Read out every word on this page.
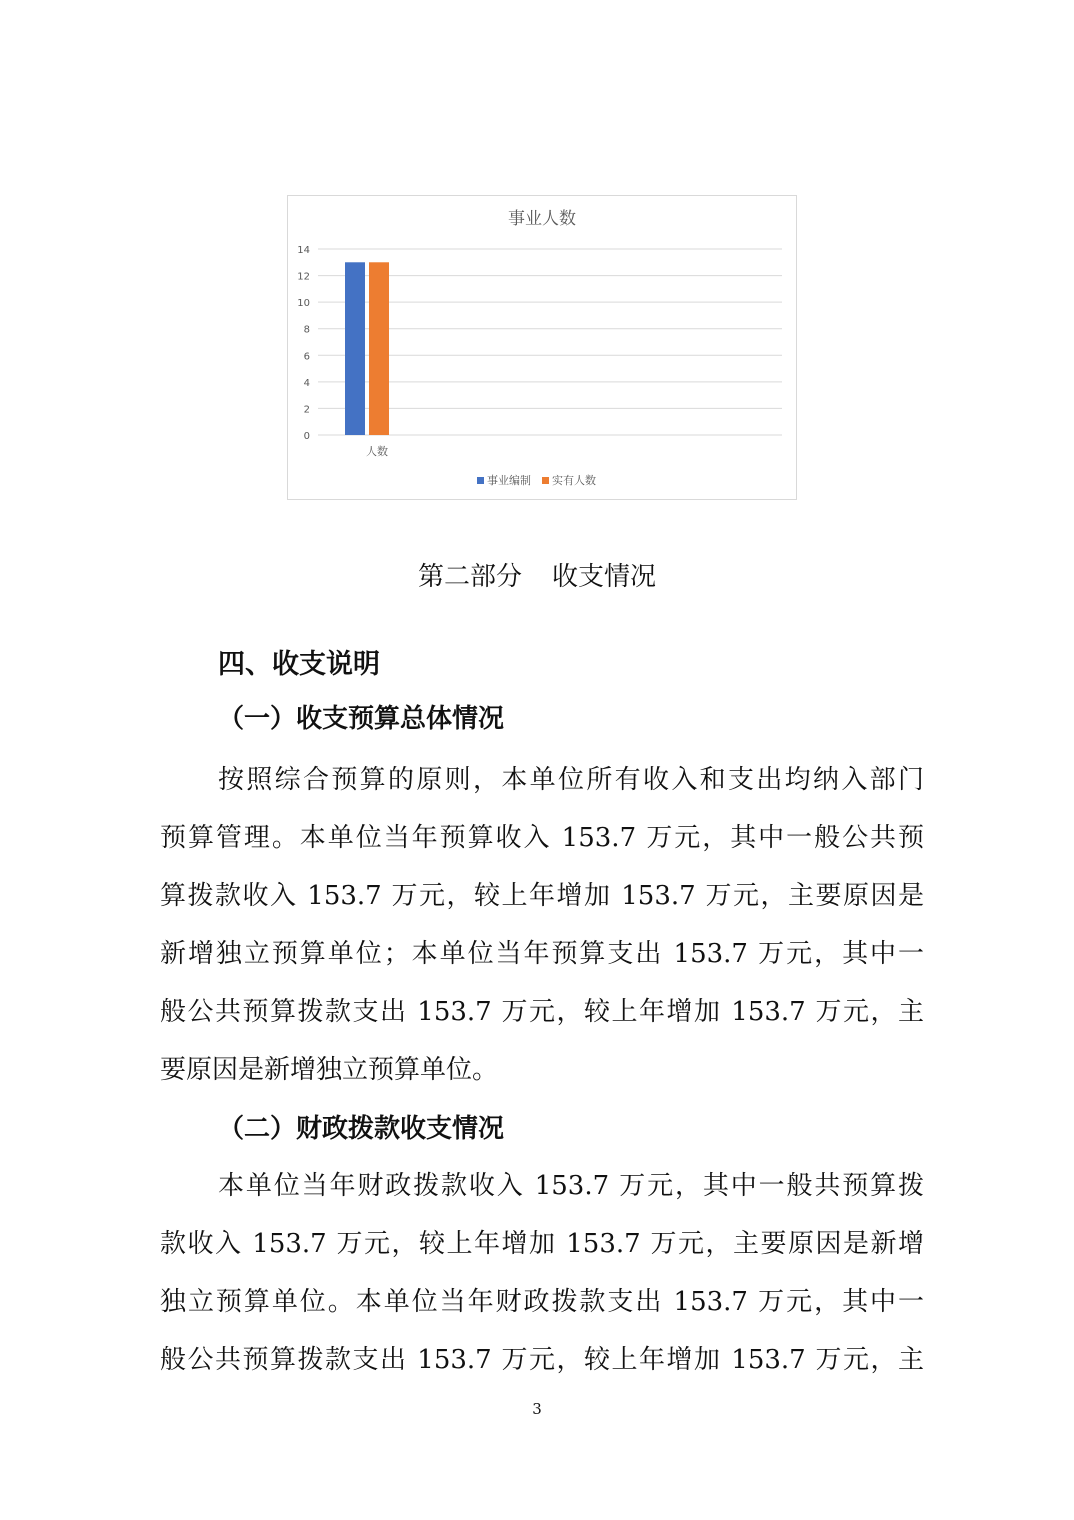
事业人数
0
2
4
6
8
10
12
14
人数
事业编制 实有人数
第二部分 收支情况
四、收支说明
（一）收支预算总体情况
按照综合预算的原则，本单位所有收入和支出均纳入部门
预算管理。本单位当年预算收入 153.7 万元，其中一般公共预
算拨款收入 153.7 万元，较上年增加 153.7 万元，主要原因是
新增独立预算单位；本单位当年预算支出 153.7 万元，其中一
般公共预算拨款支出 153.7 万元，较上年增加 153.7 万元，主
要原因是新增独立预算单位。
（二）财政拨款收支情况
本单位当年财政拨款收入 153.7 万元，其中一般共预算拨
款收入 153.7 万元，较上年增加 153.7 万元，主要原因是新增
独立预算单位。本单位当年财政拨款支出 153.7 万元，其中一
般公共预算拨款支出 153.7 万元，较上年增加 153.7 万元，主
3
